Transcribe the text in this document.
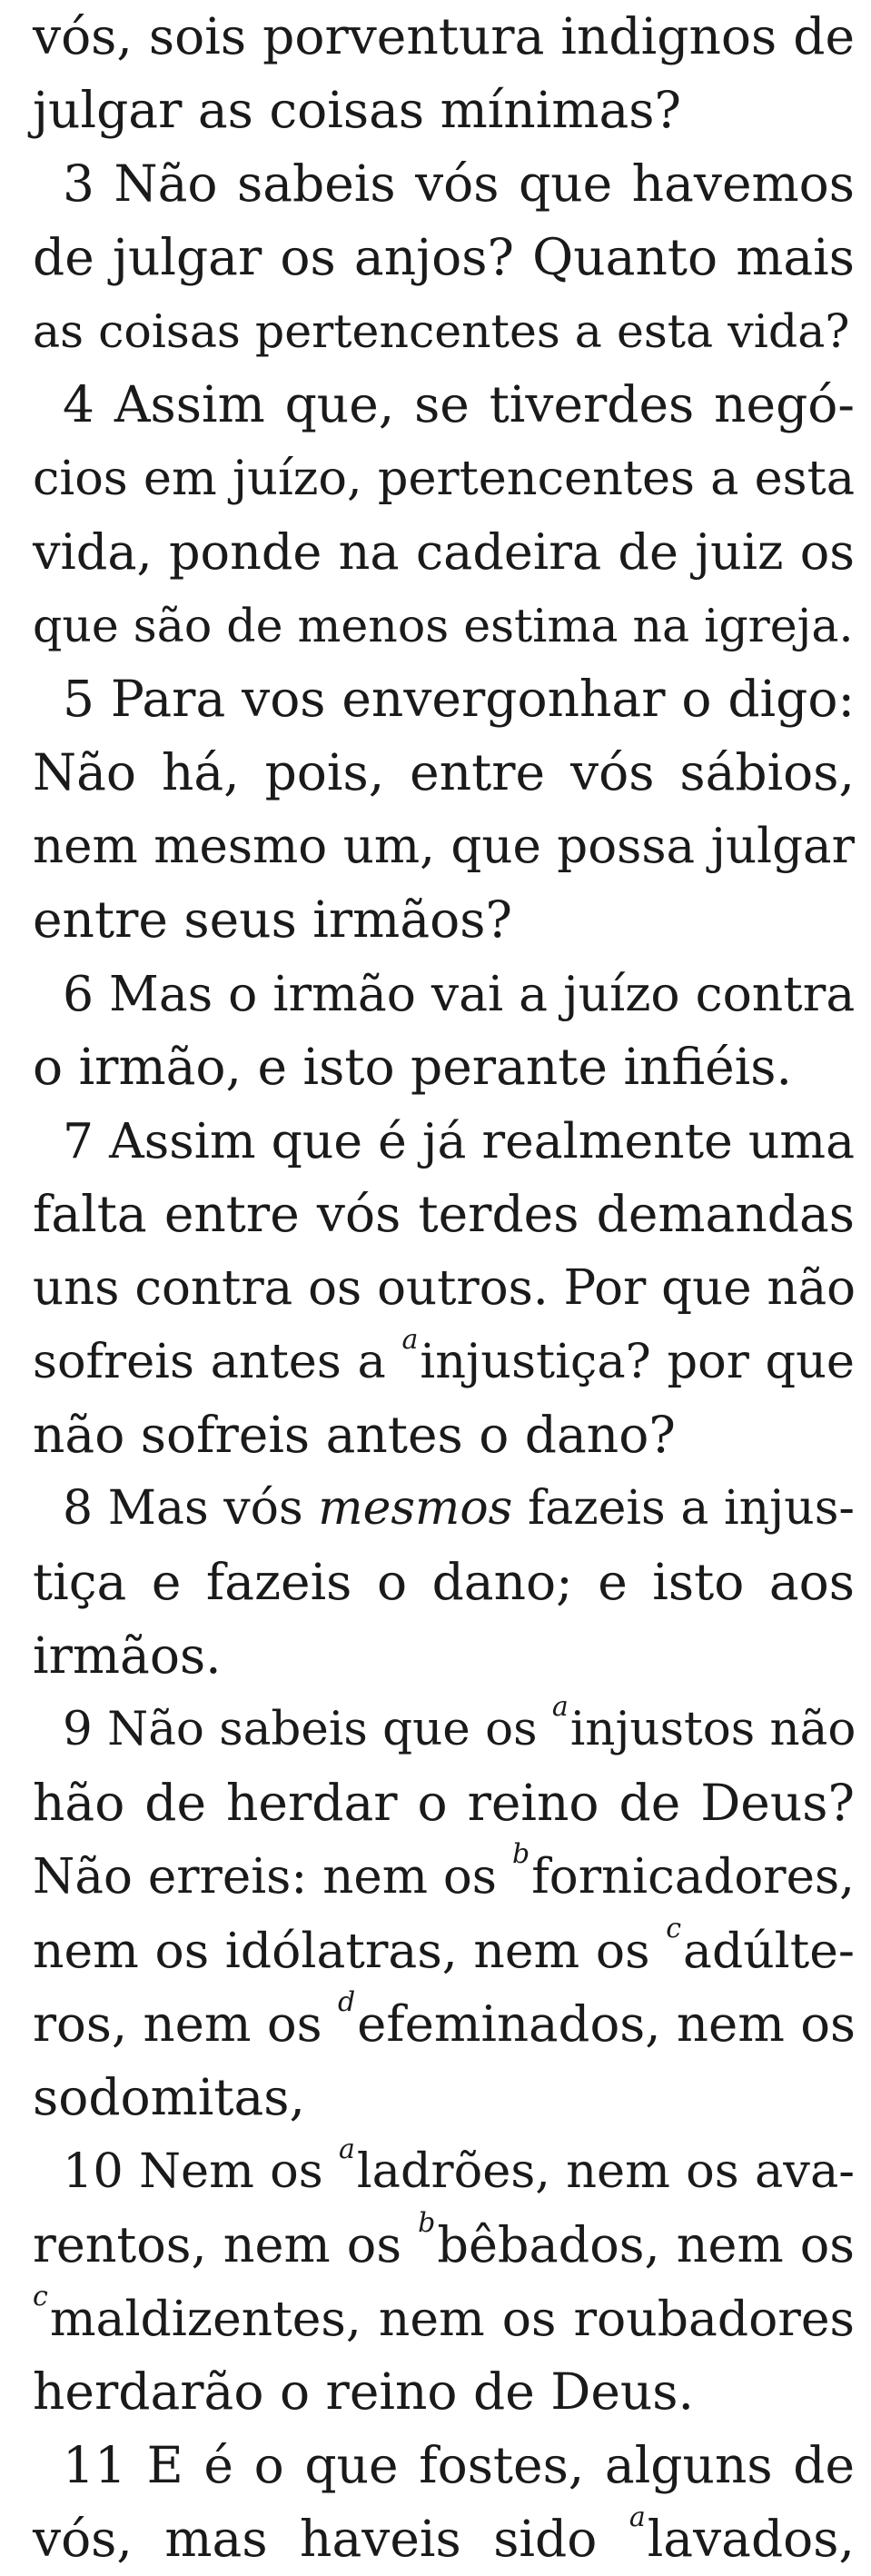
vós, sois porventura indignos de
julgar as coisas mínimas?
3 Não sabeis vós que havemos
de julgar os anjos? Quanto mais
as coisas pertencentes a esta vida?
4 Assim que, se tiverdes negó-
cios em juízo, pertencentes a esta
vida, ponde na cadeira de juiz os
que são de menos estima na igreja.
5 Para vos envergonhar o digo:
Não há, pois, entre vós sábios,
nem mesmo um, que possa julgar
entre seus irmãos?
6 Mas o irmão vai a juízo contra
o irmão, e isto perante infiéis.
7 Assim que é já realmente uma
falta entre vós terdes demandas
uns contra os outros. Por que não
sofreis antes a $^a$injustiça? por que
não sofreis antes o dano?
8 Mas vós mesmos fazeis a injus-
tiça e fazeis o dano; e isto aos
irmãos.
9 Não sabeis que os $^a$injustos não
hão de herdar o reino de Deus?
Não erreis: nem os $^b$fornicadores,
nem os idólatras, nem os $^c$adúlte-
ros, nem os $^d$efeminados, nem os
sodomitas,
10 Nem os $^a$ladrões, nem os ava-
rentos, nem os $^b$bêbados, nem os
$^c$maldizentes, nem os roubadores
herdarão o reino de Deus.
11 E é o que fostes, alguns de
vós, mas haveis sido $^a$lavados,
